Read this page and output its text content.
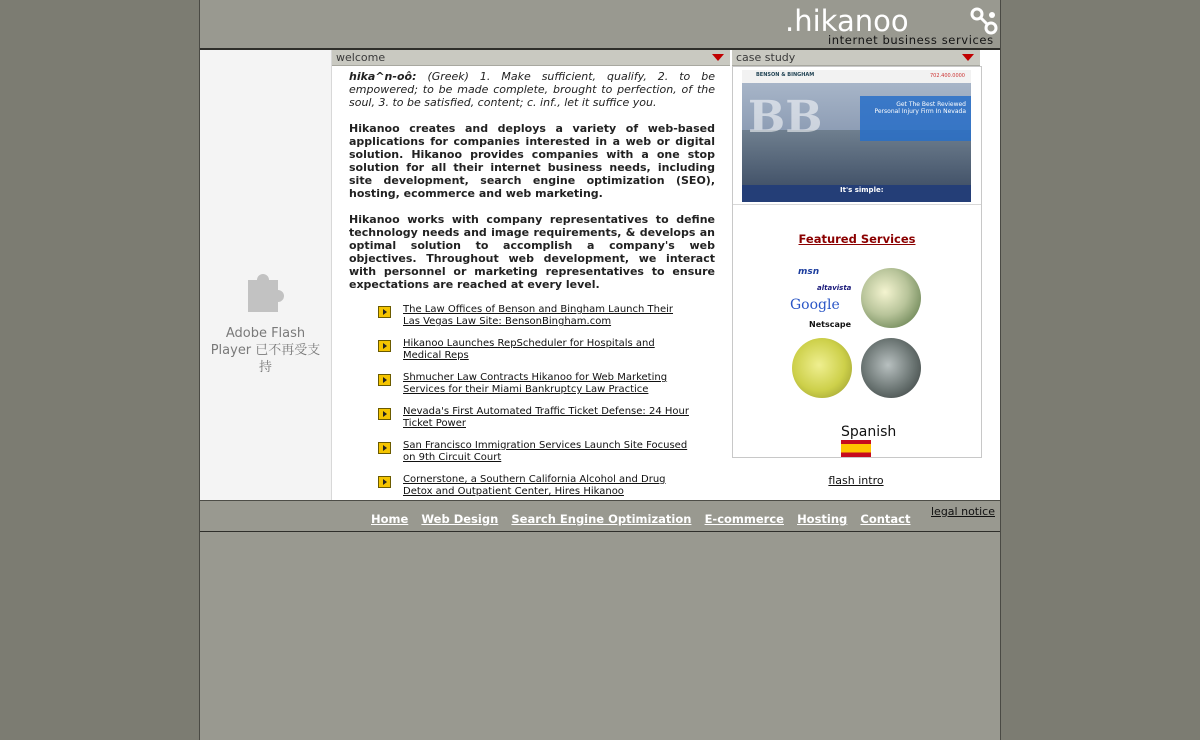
.hikanoo
internet business services
Adobe Flash Player 已不再受支持
welcome	case study

hika^n-oô: (Greek) 1. Make sufficient, qualify, 2. to be empowered; to be made complete, brought to perfection, of the soul, 3. to be satisfied, content; c. inf., let it suffice you.

Hikanoo creates and deploys a variety of web-based applications for companies interested in a web or digital solution. Hikanoo provides companies with a one stop solution for all their internet business needs, including site development, search engine optimization (SEO), hosting, ecommerce and web marketing.

Hikanoo works with company representatives to define technology needs and image requirements, & develops an optimal solution to accomplish a company's web objectives. Throughout web development, we interact with personnel or marketing representatives to ensure expectations are reached at every level.

The Law Offices of Benson and Bingham Launch Their Las Vegas Law Site: BensonBingham.com
Hikanoo Launches RepScheduler for Hospitals and Medical Reps
Shmucher Law Contracts Hikanoo for Web Marketing Services for their Miami Bankruptcy Law Practice
Nevada's First Automated Traffic Ticket Defense: 24 Hour Ticket Power
San Francisco Immigration Services Launch Site Focused on 9th Circuit Court
Cornerstone, a Southern California Alcohol and Drug Detox and Outpatient Center, Hires Hikanoo
BB	Get The Best Reviewed Personal Injury Firm In Nevada
BENSON & BINGHAM	702.400.0000
It's simple:
Featured Services
msn
altavista
Google
Netscape
Spanish
flash intro
Home Web Design Search Engine Optimization E-commerce Hosting Contact
legal notice
